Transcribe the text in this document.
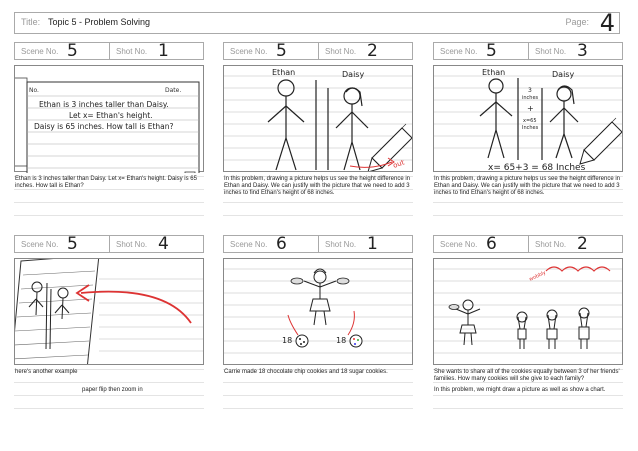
Title: Topic 5 - Problem Solving	Page: 4
Scene No. 5	Shot No. 1
No.	Date.
Ethan is 3 inches taller than Daisy.
Let x= Ethan's height.
Daisy is 65 inches. How tall is Ethan?
Ethan is 3 inches taller than Daisy. Let x= Ethan's height. Daisy is 65 inches. How tall is Ethan?
Scene No. 5	Shot No. 2
Ethan	Daisy
out
In this problem, drawing a picture helps us see the height difference in Ethan and Daisy. We can justify with the picture that we need to add 3 inches to find Ethan's height of 68 inches.
Scene No. 5	Shot No. 3
Ethan	Daisy
3
inches
+
x=65
Inches
x= 65+3 = 68 Inches
In this problem, drawing a picture helps us see the height difference in Ethan and Daisy. We can justify with the picture that we need to add 3 inches to find Ethan's height of 68 inches.
Scene No. 5	Shot No. 4
here's another example
paper flip then zoom in
Scene No. 6	Shot No. 1
18	18
Carrie made 18 chocolate chip cookies and 18 sugar cookies.
Scene No. 6	Shot No. 2
wobbly
She wants to share all of the cookies equally between 3 of her friends' families. How many cookies will she give to each family?
In this problem, we might draw a picture as well as show a chart.
